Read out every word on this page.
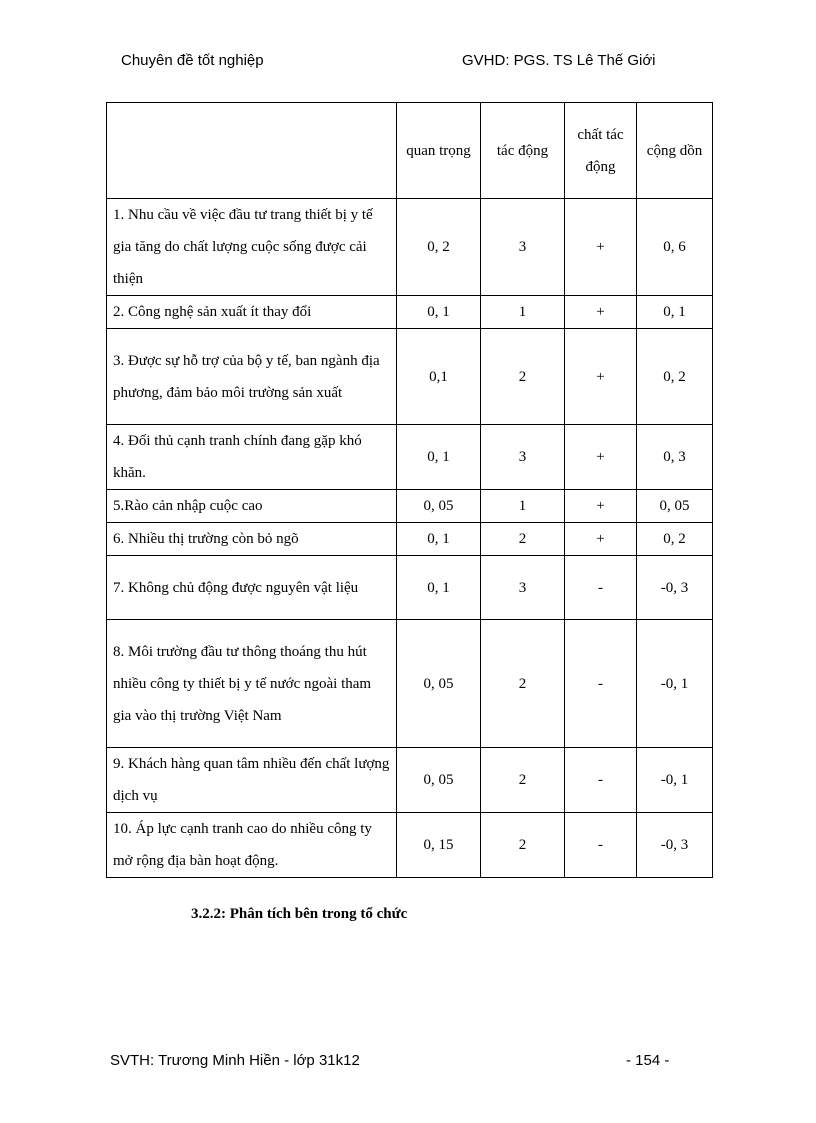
Chuyên đề tốt nghiệp	GVHD: PGS. TS Lê Thế Giới
	quan trọng	tác động	chất tác động	cộng dồn
1. Nhu cầu về việc đầu tư trang thiết bị y tế gia tăng do chất lượng cuộc sống được cải thiện	0, 2	3	+	0, 6
2. Công nghệ sản xuất ít thay đổi	0, 1	1	+	0, 1
3. Được sự hỗ trợ của bộ y tế, ban ngành địa phương, đảm bảo môi trường sản xuất	0,1	2	+	0, 2
4. Đối thủ cạnh tranh chính đang gặp khó khăn.	0, 1	3	+	0, 3
5.Rào cản nhập cuộc cao	0, 05	1	+	0, 05
6. Nhiều thị trường còn bỏ ngõ	0, 1	2	+	0, 2
7. Không chủ động được nguyên vật liệu	0, 1	3	-	-0, 3
8. Môi trường đầu tư thông thoáng thu hút nhiều công ty thiết bị y tế nước ngoài tham gia vào thị trường Việt Nam	0, 05	2	-	-0, 1
9. Khách hàng quan tâm nhiều đến chất lượng dịch vụ	0, 05	2	-	-0, 1
10. Áp lực cạnh tranh cao do nhiều công ty mở rộng địa bàn hoạt động.	0, 15	2	-	-0, 3
3.2.2: Phân tích bên trong tổ chức
SVTH: Trương Minh Hiền - lớp 31k12	- 154 -
